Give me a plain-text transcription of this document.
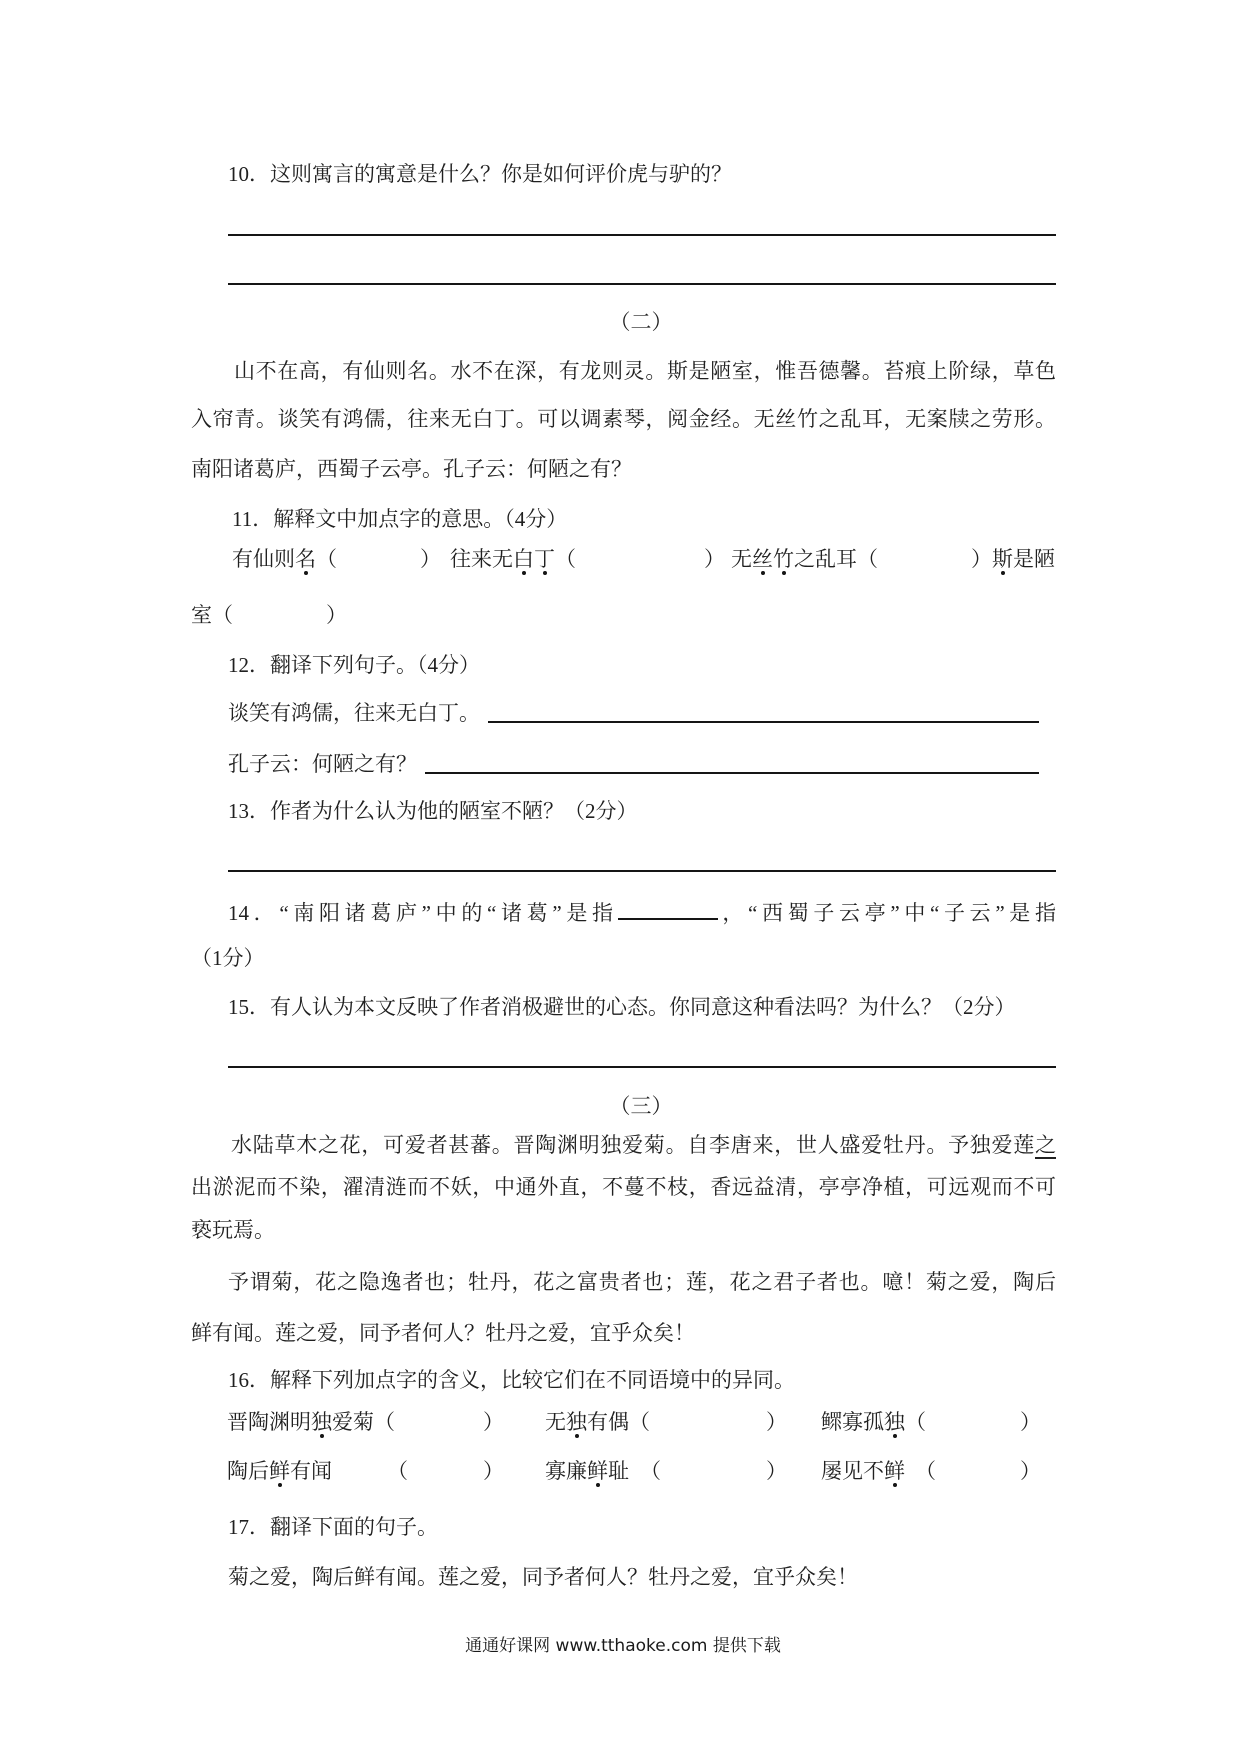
10．这则寓言的寓意是什么？你是如何评价虎与驴的？
（二）
山不在高，有仙则名。水不在深，有龙则灵。斯是陋室，惟吾德馨。苔痕上阶绿，草色
入帘青。谈笑有鸿儒，往来无白丁。可以调素琴，阅金经。无丝竹之乱耳，无案牍之劳形。
南阳诸葛庐，西蜀子云亭。孔子云：何陋之有？
11．解释文中加点字的意思。（4分）
有仙则名（	） 往来无白丁（	） 无丝竹之乱耳（	） 斯是陋
室（	）
12．翻译下列句子。（4分）
谈笑有鸿儒，往来无白丁。
孔子云：何陋之有？
13．作者为什么认为他的陋室不陋？（2分）
14．“南阳诸葛庐”中的“诸葛”是指	，“西蜀子云亭”中“子云”是指
（1分）
15．有人认为本文反映了作者消极避世的心态。你同意这种看法吗？为什么？（2分）
（三）
水陆草木之花，可爱者甚蕃。晋陶渊明独爱菊。自李唐来，世人盛爱牡丹。予独爱莲之
出淤泥而不染，濯清涟而不妖，中通外直，不蔓不枝，香远益清，亭亭净植，可远观而不可
亵玩焉。
予谓菊，花之隐逸者也；牡丹，花之富贵者也；莲，花之君子者也。噫！菊之爱，陶后
鲜有闻。莲之爱，同予者何人？牡丹之爱，宜乎众矣！
16．解释下列加点字的含义，比较它们在不同语境中的异同。
晋陶渊明独爱菊（	） 无独有偶（	） 鳏寡孤独（	）
陶后鲜有闻	（	） 寡廉鲜耻 （	） 屡见不鲜 （	）
17．翻译下面的句子。
菊之爱，陶后鲜有闻。莲之爱，同予者何人？牡丹之爱，宜乎众矣！
通通好课网 www.tthaoke.com 提供下载
